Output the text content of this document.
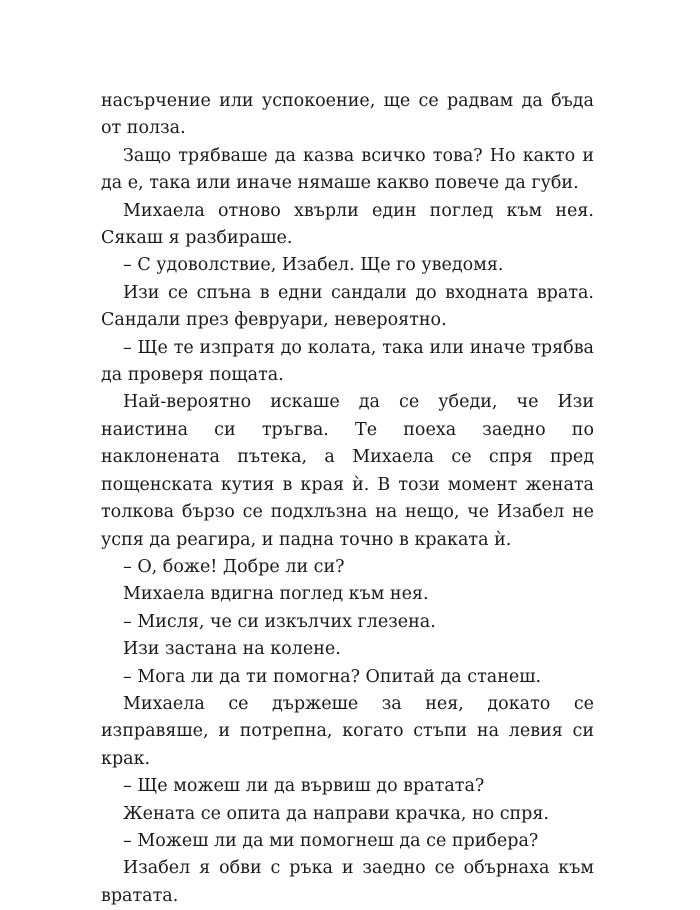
насърчение или успокоение, ще се радвам да бъда от полза.

Защо трябваше да казва всичко това? Но както и да е, така или иначе нямаше какво повече да губи.

Михаела отново хвърли един поглед към нея. Сякаш я разбираше.

– С удоволствие, Изабел. Ще го уведомя.

Изи се спъна в едни сандали до входната врата. Сандали през февруари, невероятно.

– Ще те изпратя до колата, така или иначе трябва да проверя пощата.

Най-вероятно искаше да се убеди, че Изи наистина си тръгва. Те поеха заедно по наклонената пътека, а Михаела се спря пред пощенската кутия в края ѝ. В този момент жената толкова бързо се подхлъзна на нещо, че Изабел не успя да реагира, и падна точно в краката ѝ.

– О, боже! Добре ли си?

Михаела вдигна поглед към нея.

– Мисля, че си изкълчих глезена.

Изи застана на колене.

– Мога ли да ти помогна? Опитай да станеш.

Михаела се държеше за нея, докато се изправяше, и потрепна, когато стъпи на левия си крак.

– Ще можеш ли да вървиш до вратата?

Жената се опита да направи крачка, но спря.

– Можеш ли да ми помогнеш да се прибера?

Изабел я обви с ръка и заедно се обърнаха към вратата.
